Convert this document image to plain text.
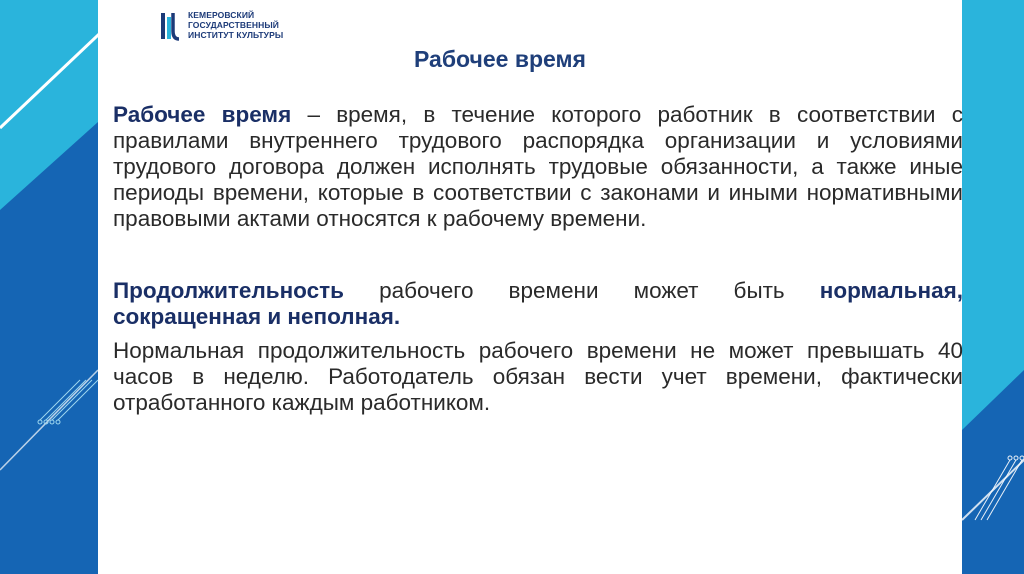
КЕМЕРОВСКИЙ
ГОСУДАРСТВЕННЫЙ
ИНСТИТУТ КУЛЬТУРЫ
Рабочее время

Рабочее время – время, в течение которого работник в соответствии с правилами внутреннего трудового распорядка организации и условиями трудового договора должен исполнять трудовые обязанности, а также иные периоды времени, которые в соответствии с законами и иными нормативными правовыми актами относятся к рабочему времени.

Продолжительность рабочего времени может быть нормальная, сокращенная и неполная.

Нормальная продолжительность рабочего времени не может превышать 40 часов в неделю. Работодатель обязан вести учет времени, фактически отработанного каждым работником.
